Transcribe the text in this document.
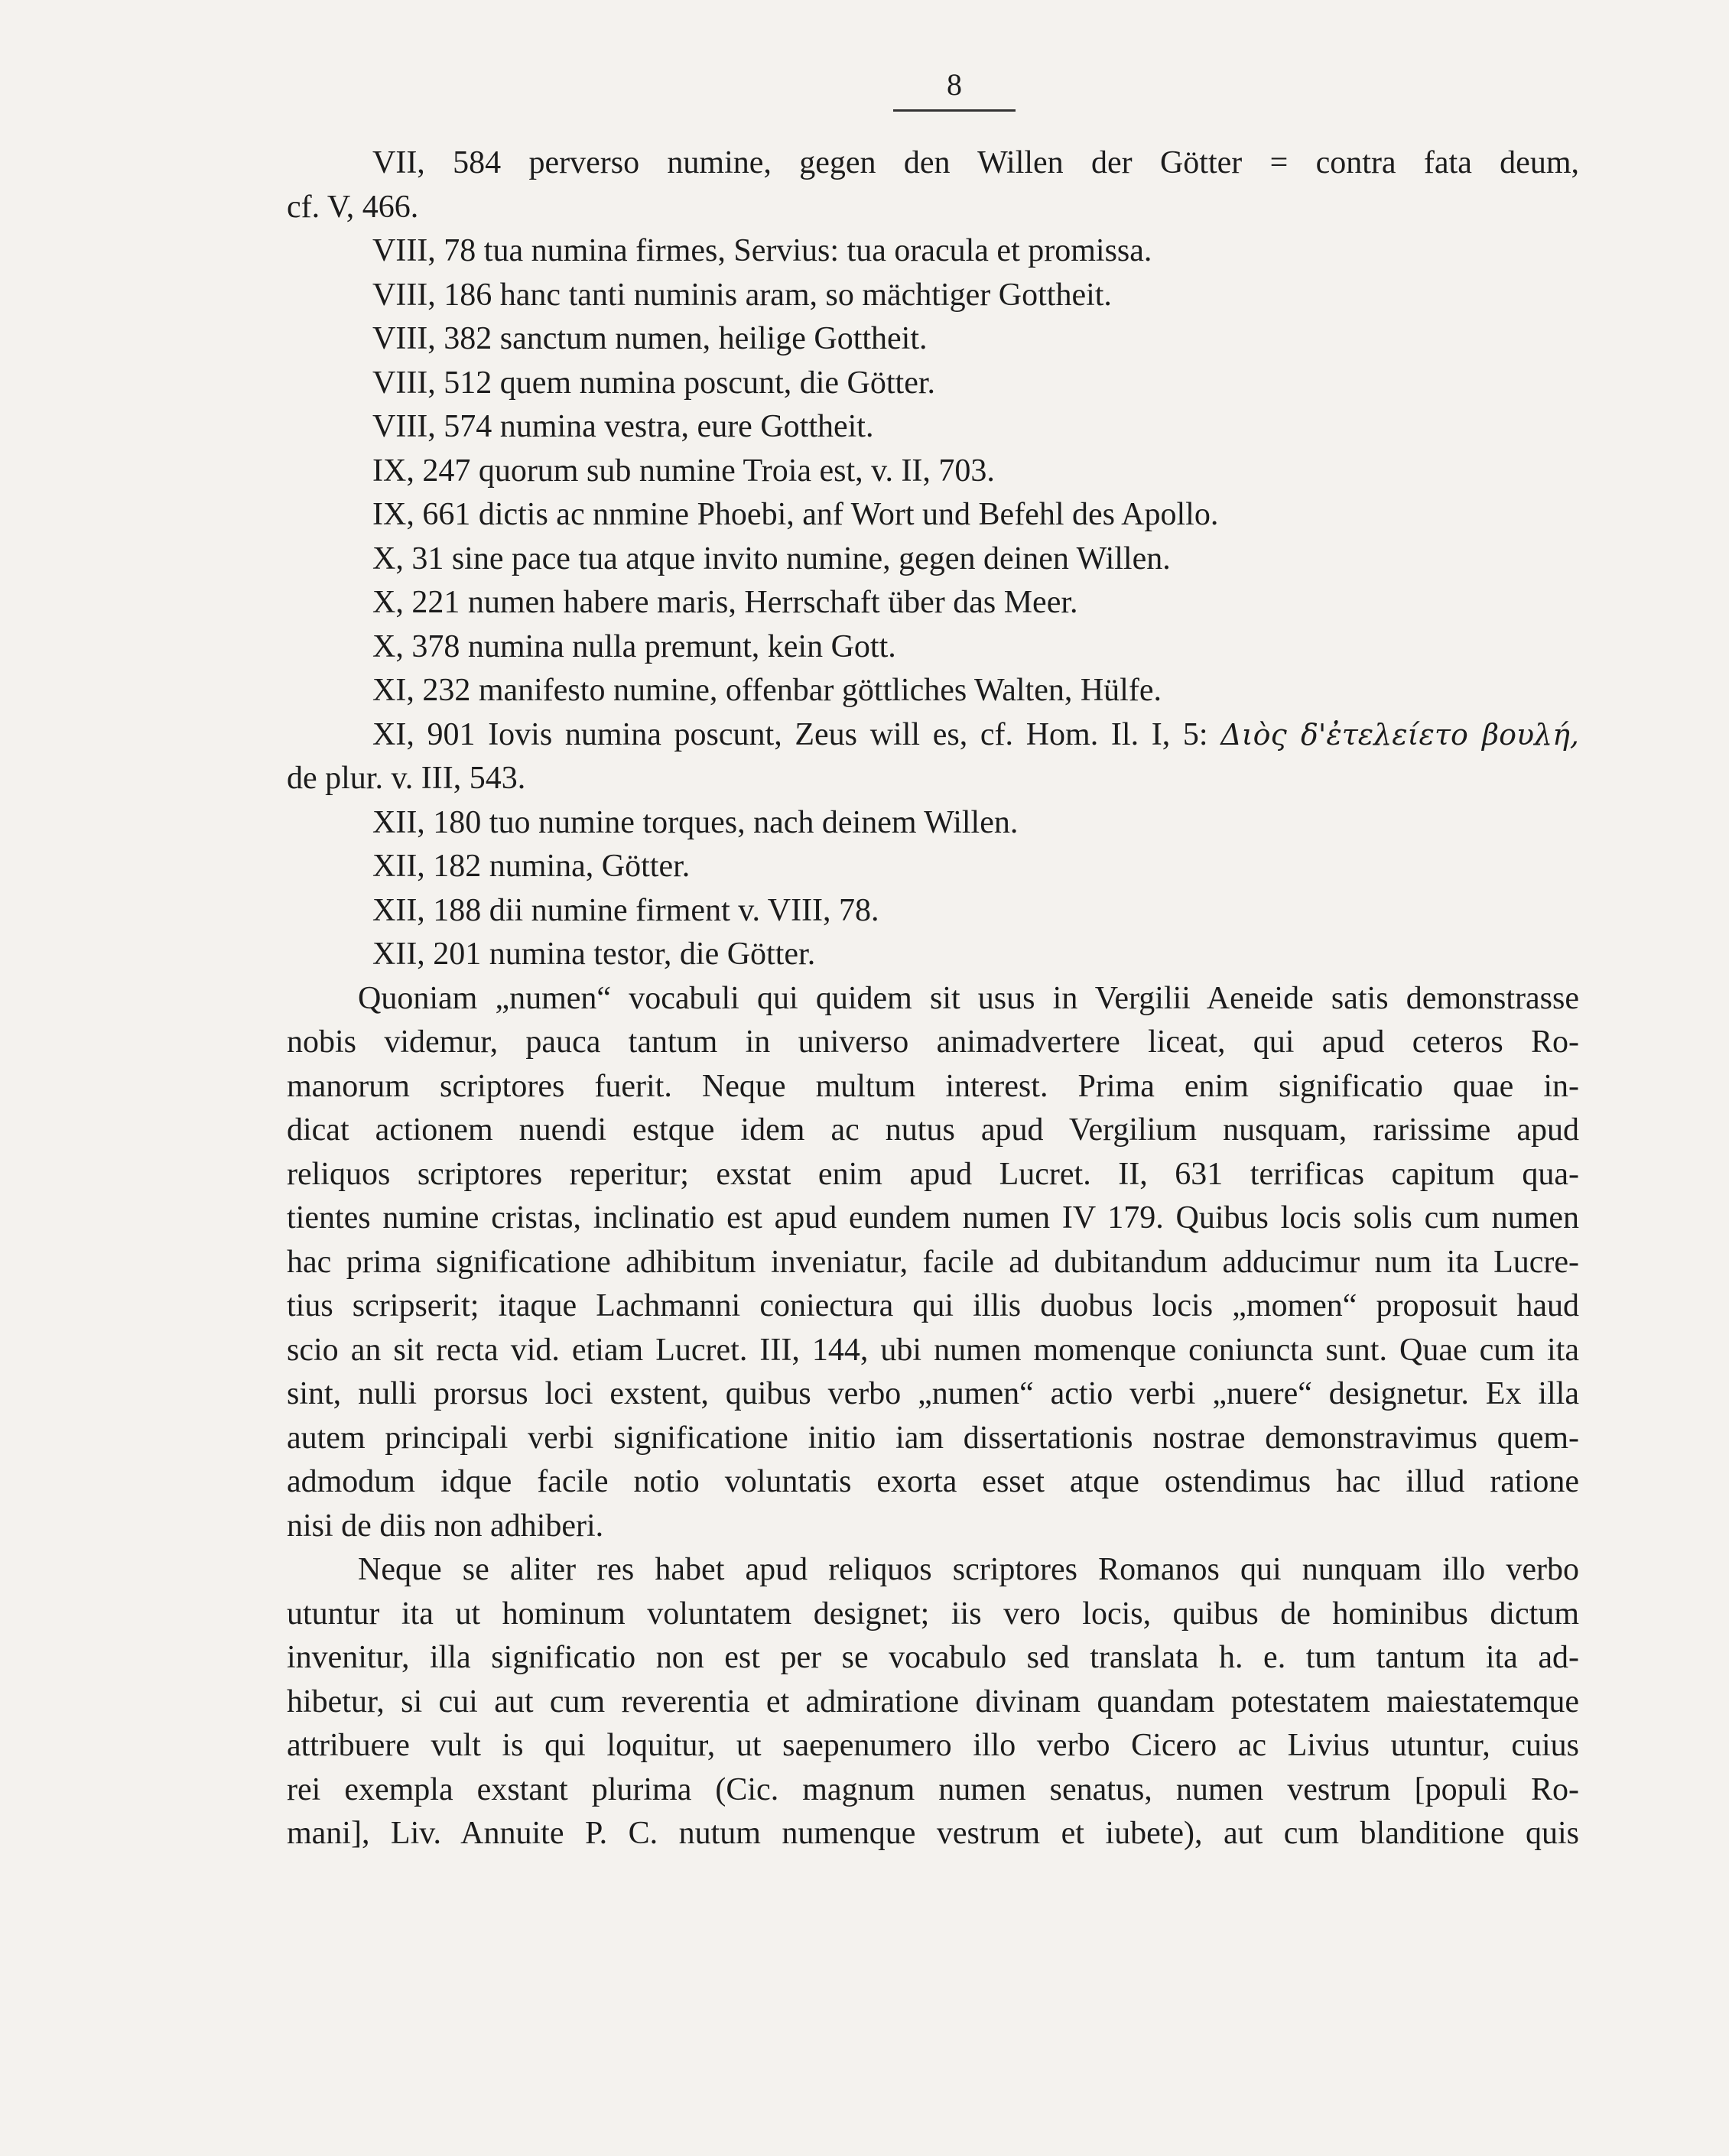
8
VII, 584 perverso numine, gegen den Willen der Götter = contra fata deum,
cf. V, 466.
VIII, 78 tua numina firmes, Servius: tua oracula et promissa.
VIII, 186 hanc tanti numinis aram, so mächtiger Gottheit.
VIII, 382 sanctum numen, heilige Gottheit.
VIII, 512 quem numina poscunt, die Götter.
VIII, 574 numina vestra, eure Gottheit.
IX, 247 quorum sub numine Troia est, v. II, 703.
IX, 661 dictis ac nnmine Phoebi, anf Wort und Befehl des Apollo.
X, 31 sine pace tua atque invito numine, gegen deinen Willen.
X, 221 numen habere maris, Herrschaft über das Meer.
X, 378 numina nulla premunt, kein Gott.
XI, 232 manifesto numine, offenbar göttliches Walten, Hülfe.
XI, 901 Iovis numina poscunt, Zeus will es, cf. Hom. Il. I, 5: Διὸς δ'ἐτελείετο βουλή,
de plur. v. III, 543.
XII, 180 tuo numine torques, nach deinem Willen.
XII, 182 numina, Götter.
XII, 188 dii numine firment v. VIII, 78.
XII, 201 numina testor, die Götter.
Quoniam „numen“ vocabuli qui quidem sit usus in Vergilii Aeneide satis demonstrasse
nobis videmur, pauca tantum in universo animadvertere liceat, qui apud ceteros Ro-
manorum scriptores fuerit. Neque multum interest. Prima enim significatio quae in-
dicat actionem nuendi estque idem ac nutus apud Vergilium nusquam, rarissime apud
reliquos scriptores reperitur; exstat enim apud Lucret. II, 631 terrificas capitum qua-
tientes numine cristas, inclinatio est apud eundem numen IV 179. Quibus locis solis cum numen
hac prima significatione adhibitum inveniatur, facile ad dubitandum adducimur num ita Lucre-
tius scripserit; itaque Lachmanni coniectura qui illis duobus locis „momen“ proposuit haud
scio an sit recta vid. etiam Lucret. III, 144, ubi numen momenque coniuncta sunt. Quae cum ita
sint, nulli prorsus loci exstent, quibus verbo „numen“ actio verbi „nuere“ designetur. Ex illa
autem principali verbi significatione initio iam dissertationis nostrae demonstravimus quem-
admodum idque facile notio voluntatis exorta esset atque ostendimus hac illud ratione
nisi de diis non adhiberi.
Neque se aliter res habet apud reliquos scriptores Romanos qui nunquam illo verbo
utuntur ita ut hominum voluntatem designet; iis vero locis, quibus de hominibus dictum
invenitur, illa significatio non est per se vocabulo sed translata h. e. tum tantum ita ad-
hibetur, si cui aut cum reverentia et admiratione divinam quandam potestatem maiestatemque
attribuere vult is qui loquitur, ut saepenumero illo verbo Cicero ac Livius utuntur, cuius
rei exempla exstant plurima (Cic. magnum numen senatus, numen vestrum [populi Ro-
mani], Liv. Annuite P. C. nutum numenque vestrum et iubete), aut cum blanditione quis
